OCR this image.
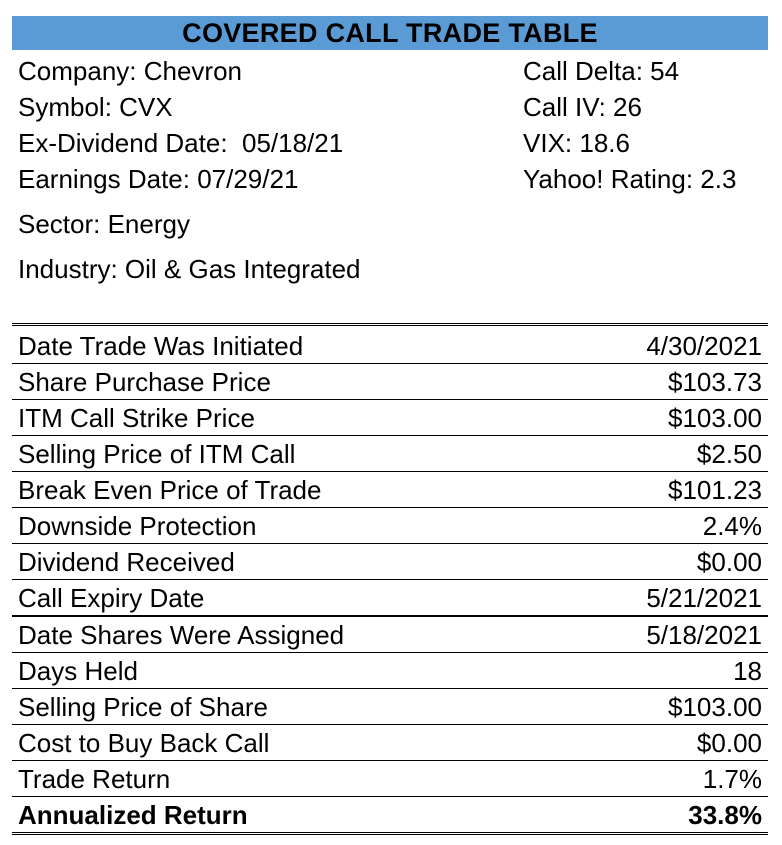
COVERED CALL TRADE TABLE
Company: Chevron
Symbol: CVX
Ex-Dividend Date:  05/18/21
Earnings Date: 07/29/21
Sector: Energy
Industry: Oil & Gas Integrated
Call Delta: 54
Call IV: 26
VIX: 18.6
Yahoo! Rating: 2.3
Date Trade Was Initiated	4/30/2021
Share Purchase Price	$103.73
ITM Call Strike Price	$103.00
Selling Price of ITM Call	$2.50
Break Even Price of Trade	$101.23
Downside Protection	2.4%
Dividend Received	$0.00
Call Expiry Date	5/21/2021
Date Shares Were Assigned	5/18/2021
Days Held	18
Selling Price of Share	$103.00
Cost to Buy Back Call	$0.00
Trade Return	1.7%
Annualized Return	33.8%
